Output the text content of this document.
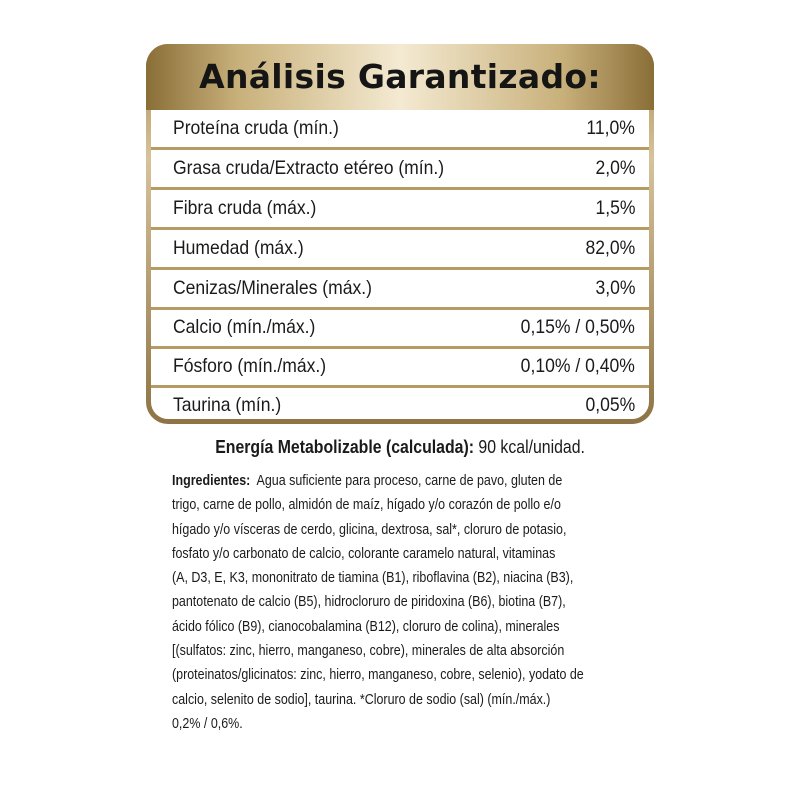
Análisis Garantizado:
Proteína cruda (mín.)	11,0%
Grasa cruda/Extracto etéreo (mín.)	2,0%
Fibra cruda (máx.)	1,5%
Humedad (máx.)	82,0%
Cenizas/Minerales (máx.)	3,0%
Calcio (mín./máx.)	0,15% / 0,50%
Fósforo (mín./máx.)	0,10% / 0,40%
Taurina (mín.)	0,05%
Energía Metabolizable (calculada): 90 kcal/unidad.
Ingredientes:  Agua suficiente para proceso, carne de pavo, gluten de
trigo, carne de pollo, almidón de maíz, hígado y/o corazón de pollo e/o
hígado y/o vísceras de cerdo, glicina, dextrosa, sal*, cloruro de potasio,
fosfato y/o carbonato de calcio, colorante caramelo natural, vitaminas
(A, D3, E, K3, mononitrato de tiamina (B1), riboflavina (B2), niacina (B3),
pantotenato de calcio (B5), hidrocloruro de piridoxina (B6), biotina (B7),
ácido fólico (B9), cianocobalamina (B12), cloruro de colina), minerales
[(sulfatos: zinc, hierro, manganeso, cobre), minerales de alta absorción
(proteinatos/glicinatos: zinc, hierro, manganeso, cobre, selenio), yodato de
calcio, selenito de sodio], taurina. *Cloruro de sodio (sal) (mín./máx.)
0,2% / 0,6%.
